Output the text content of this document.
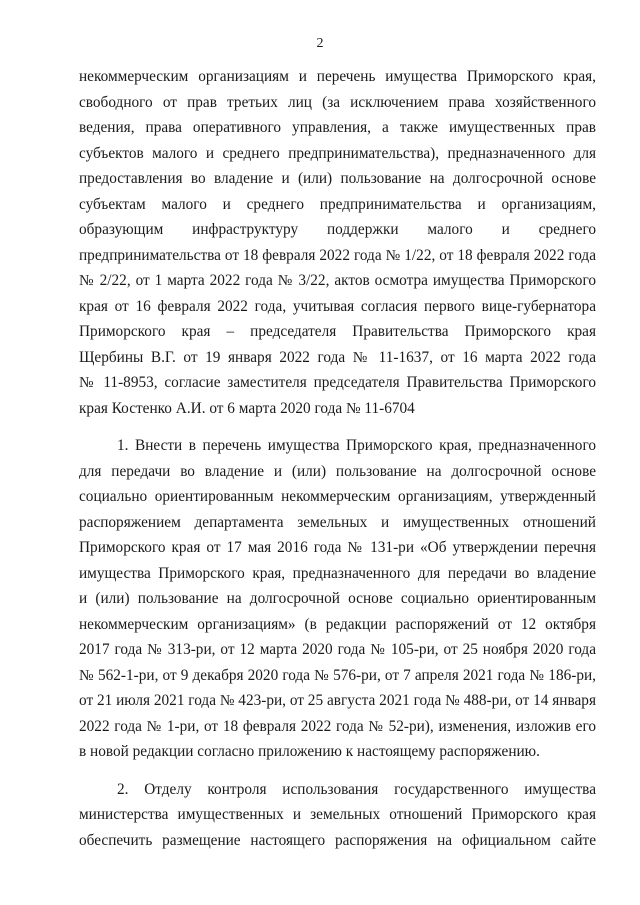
2
некоммерческим организациям и перечень имущества Приморского края,
свободного от прав третьих лиц (за исключением права хозяйственного
ведения, права оперативного управления, а также имущественных прав
субъектов малого и среднего предпринимательства), предназначенного для
предоставления во владение и (или) пользование на долгосрочной основе
субъектам малого и среднего предпринимательства и организациям,
образующим инфраструктуру поддержки малого и среднего
предпринимательства от 18 февраля 2022 года № 1/22, от 18 февраля 2022 года
№ 2/22, от 1 марта 2022 года № 3/22, актов осмотра имущества Приморского
края от 16 февраля 2022 года, учитывая согласия первого вице-губернатора
Приморского края – председателя Правительства Приморского края
Щербины В.Г. от 19 января 2022 года № 11-1637, от 16 марта 2022 года
№ 11-8953, согласие заместителя председателя Правительства Приморского
края Костенко А.И. от 6 марта 2020 года № 11-6704
1. Внести в перечень имущества Приморского края, предназначенного
для передачи во владение и (или) пользование на долгосрочной основе
социально ориентированным некоммерческим организациям, утвержденный
распоряжением департамента земельных и имущественных отношений
Приморского края от 17 мая 2016 года № 131-ри «Об утверждении перечня
имущества Приморского края, предназначенного для передачи во владение
и (или) пользование на долгосрочной основе социально ориентированным
некоммерческим организациям» (в редакции распоряжений от 12 октября
2017 года № 313-ри, от 12 марта 2020 года № 105-ри, от 25 ноября 2020 года
№ 562-1-ри, от 9 декабря 2020 года № 576-ри, от 7 апреля 2021 года № 186-ри,
от 21 июля 2021 года № 423-ри, от 25 августа 2021 года № 488-ри, от 14 января
2022 года № 1-ри, от 18 февраля 2022 года № 52-ри), изменения, изложив его
в новой редакции согласно приложению к настоящему распоряжению.
2. Отделу контроля использования государственного имущества
министерства имущественных и земельных отношений Приморского края
обеспечить размещение настоящего распоряжения на официальном сайте
